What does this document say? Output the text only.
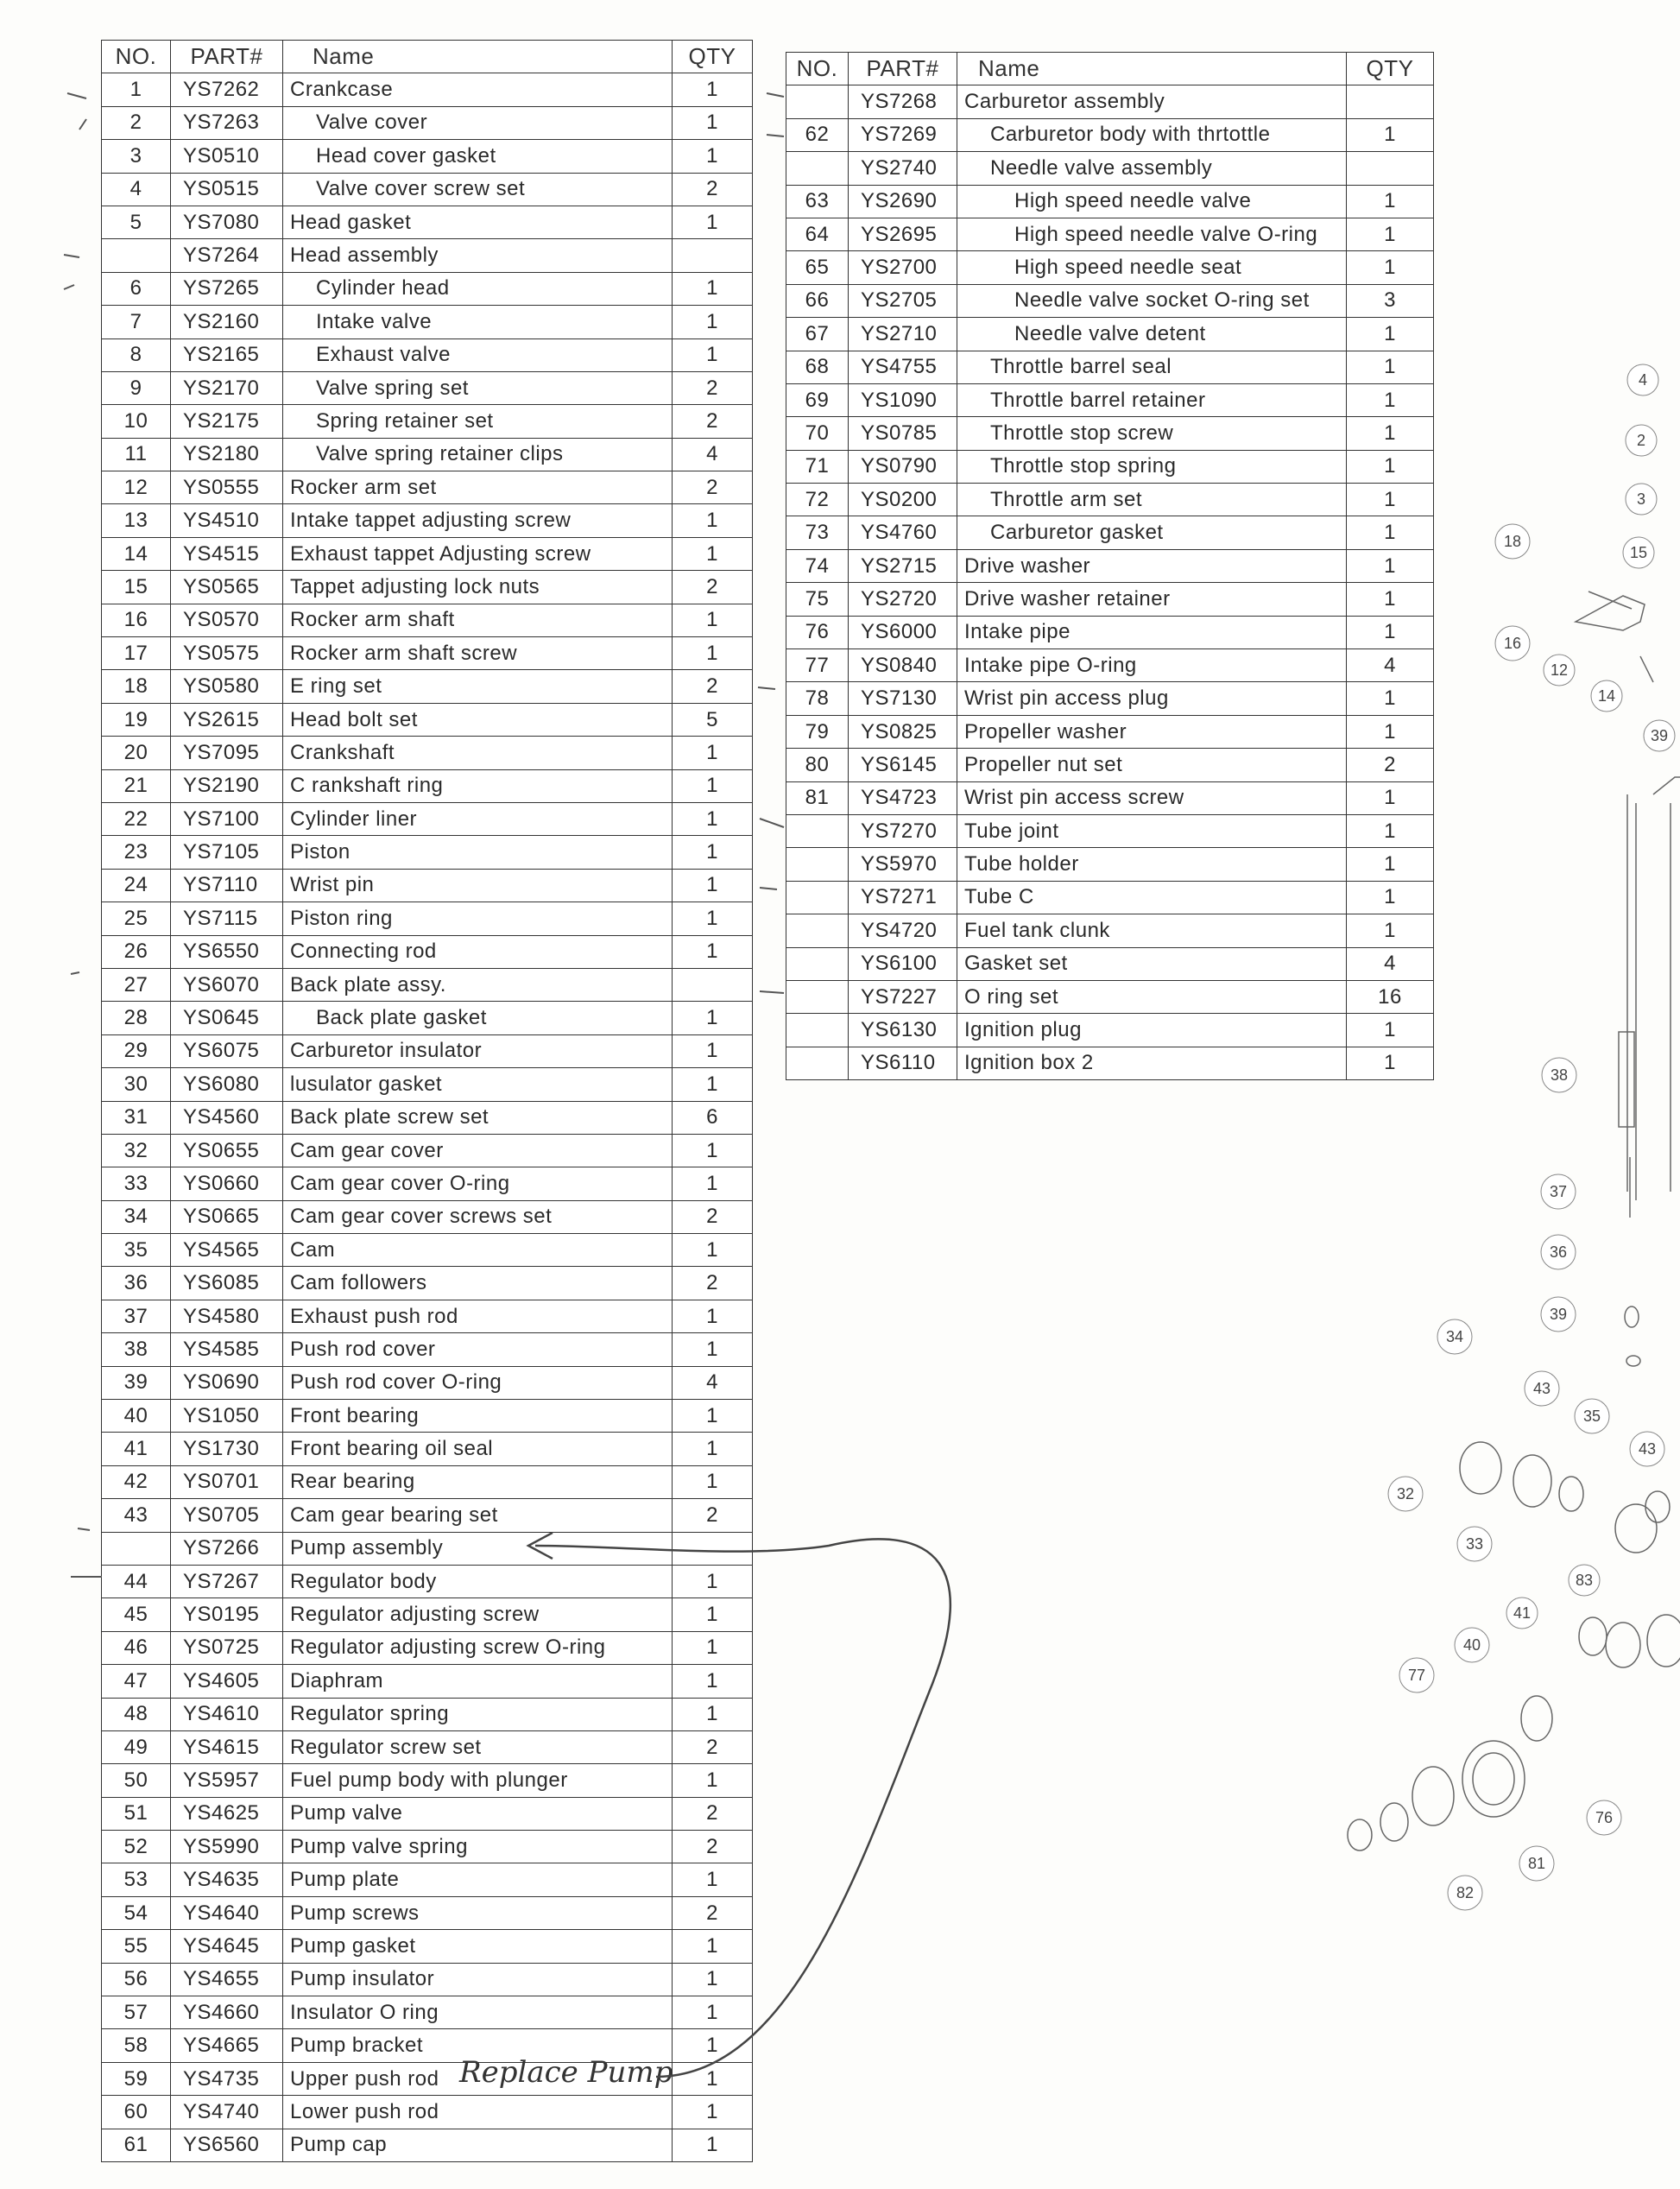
NO.	PART#	Name	QTY
1	YS7262	Crankcase	1
2	YS7263	Valve cover	1
3	YS0510	Head cover gasket	1
4	YS0515	Valve cover screw set	2
5	YS7080	Head gasket	1
	YS7264	Head assembly	
6	YS7265	Cylinder head	1
7	YS2160	Intake valve	1
8	YS2165	Exhaust valve	1
9	YS2170	Valve spring set	2
10	YS2175	Spring retainer set	2
11	YS2180	Valve spring retainer clips	4
12	YS0555	Rocker arm set	2
13	YS4510	Intake tappet adjusting screw	1
14	YS4515	Exhaust tappet Adjusting screw	1
15	YS0565	Tappet adjusting lock nuts	2
16	YS0570	Rocker arm shaft	1
17	YS0575	Rocker arm shaft screw	1
18	YS0580	E ring set	2
19	YS2615	Head bolt set	5
20	YS7095	Crankshaft	1
21	YS2190	C rankshaft ring	1
22	YS7100	Cylinder liner	1
23	YS7105	Piston	1
24	YS7110	Wrist pin	1
25	YS7115	Piston ring	1
26	YS6550	Connecting rod	1
27	YS6070	Back plate assy.	
28	YS0645	Back plate gasket	1
29	YS6075	Carburetor insulator	1
30	YS6080	lusulator gasket	1
31	YS4560	Back plate screw set	6
32	YS0655	Cam gear cover	1
33	YS0660	Cam gear cover O-ring	1
34	YS0665	Cam gear cover screws set	2
35	YS4565	Cam	1
36	YS6085	Cam followers	2
37	YS4580	Exhaust push rod	1
38	YS4585	Push rod cover	1
39	YS0690	Push rod cover O-ring	4
40	YS1050	Front bearing	1
41	YS1730	Front bearing oil seal	1
42	YS0701	Rear bearing	1
43	YS0705	Cam gear bearing set	2
	YS7266	Pump assembly	
44	YS7267	Regulator body	1
45	YS0195	Regulator adjusting screw	1
46	YS0725	Regulator adjusting screw O-ring	1
47	YS4605	Diaphram	1
48	YS4610	Regulator spring	1
49	YS4615	Regulator screw set	2
50	YS5957	Fuel pump body with plunger	1
51	YS4625	Pump valve	2
52	YS5990	Pump valve spring	2
53	YS4635	Pump plate	1
54	YS4640	Pump screws	2
55	YS4645	Pump gasket	1
56	YS4655	Pump insulator	1
57	YS4660	Insulator O ring	1
58	YS4665	Pump bracket	1
59	YS4735	Upper push rod	1
60	YS4740	Lower push rod	1
61	YS6560	Pump cap	1
NO.	PART#	Name	QTY
	YS7268	Carburetor assembly	
62	YS7269	Carburetor body with thrtottle	1
	YS2740	Needle valve assembly	
63	YS2690	High speed needle valve	1
64	YS2695	High speed needle valve O-ring	1
65	YS2700	High speed needle seat	1
66	YS2705	Needle valve socket O-ring set	3
67	YS2710	Needle valve detent	1
68	YS4755	Throttle barrel seal	1
69	YS1090	Throttle barrel retainer	1
70	YS0785	Throttle stop screw	1
71	YS0790	Throttle stop spring	1
72	YS0200	Throttle arm set	1
73	YS4760	Carburetor gasket	1
74	YS2715	Drive washer	1
75	YS2720	Drive washer retainer	1
76	YS6000	Intake pipe	1
77	YS0840	Intake pipe O-ring	4
78	YS7130	Wrist pin access plug	1
79	YS0825	Propeller washer	1
80	YS6145	Propeller nut set	2
81	YS4723	Wrist pin access screw	1
	YS7270	Tube joint	1
	YS5970	Tube holder	1
	YS7271	Tube C	1
	YS4720	Fuel tank clunk	1
	YS6100	Gasket set	4
	YS7227	O ring set	16
	YS6130	Ignition plug	1
	YS6110	Ignition box 2	1
Replace Pump
4
2
3
15
18
16
12
14
39
38
37
36
39
34
43
35
43
32
33
83
41
40
77
76
81
82
